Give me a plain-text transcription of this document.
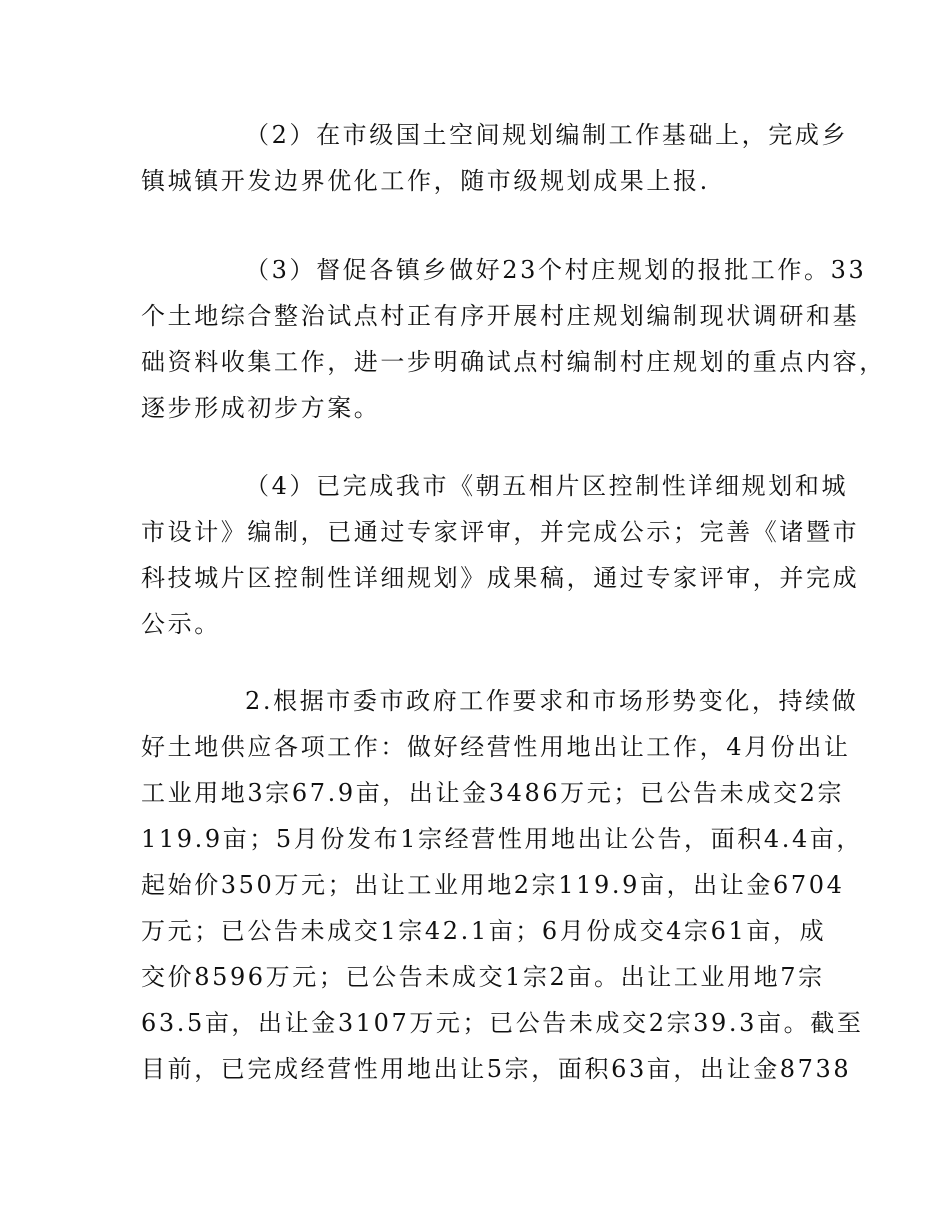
（2）在市级国土空间规划编制工作基础上，完成乡
镇城镇开发边界优化工作，随市级规划成果上报.
（3）督促各镇乡做好23个村庄规划的报批工作。33
个土地综合整治试点村正有序开展村庄规划编制现状调研和基
础资料收集工作，进一步明确试点村编制村庄规划的重点内容，
逐步形成初步方案。
（4）已完成我市《朝五相片区控制性详细规划和城
市设计》编制，已通过专家评审，并完成公示；完善《诸暨市
科技城片区控制性详细规划》成果稿，通过专家评审，并完成
公示。
2.根据市委市政府工作要求和市场形势变化，持续做
好土地供应各项工作：做好经营性用地出让工作，4月份出让
工业用地3宗67.9亩，出让金3486万元；已公告未成交2宗
119.9亩；5月份发布1宗经营性用地出让公告，面积4.4亩，
起始价350万元；出让工业用地2宗119.9亩，出让金6704
万元；已公告未成交1宗42.1亩；6月份成交4宗61亩，成
交价8596万元；已公告未成交1宗2亩。出让工业用地7宗
63.5亩，出让金3107万元；已公告未成交2宗39.3亩。截至
目前，已完成经营性用地出让5宗，面积63亩，出让金8738
